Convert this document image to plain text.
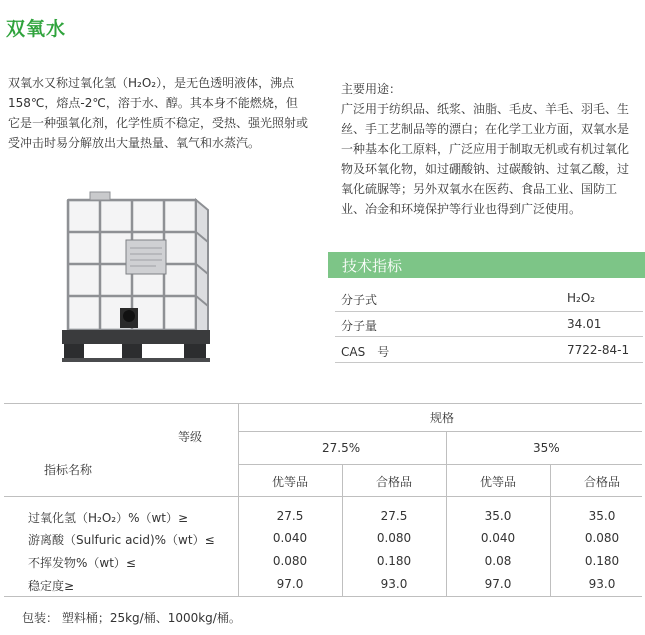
双氧水
双氧水又称过氧化氢（H₂O₂），是无色透明液体，沸点158℃，熔点-2℃，溶于水、醇。其本身不能燃烧，但它是一种强氧化剂，化学性质不稳定，受热、强光照射或受冲击时易分解放出大量热量、氧气和水蒸汽。
主要用途：
广泛用于纺织品、纸浆、油脂、毛皮、羊毛、羽毛、生丝、手工艺制品等的漂白；在化学工业方面，双氧水是一种基本化工原料，广泛应用于制取无机或有机过氧化物及环氧化物，如过硼酸钠、过碳酸钠、过氧乙酸，过氧化硫脲等；另外双氧水在医药、食品工业、国防工业、冶金和环境保护等行业也得到广泛使用。
技术指标
分子式	H₂O₂
分子量	34.01
CAS　号	7722-84-1
等级
指标名称
规格
27.5%	35%
优等品	合格品	优等品	合格品
过氧化氢（H₂O₂）%（wt）≥	27.5	27.5	35.0	35.0
游离酸（Sulfuric acid)%（wt）≤	0.040	0.080	0.040	0.080
不挥发物%（wt）≤	0.080	0.180	0.08	0.180
稳定度≥	97.0	93.0	97.0	93.0
包装： 塑料桶；25kg/桶、1000kg/桶。
